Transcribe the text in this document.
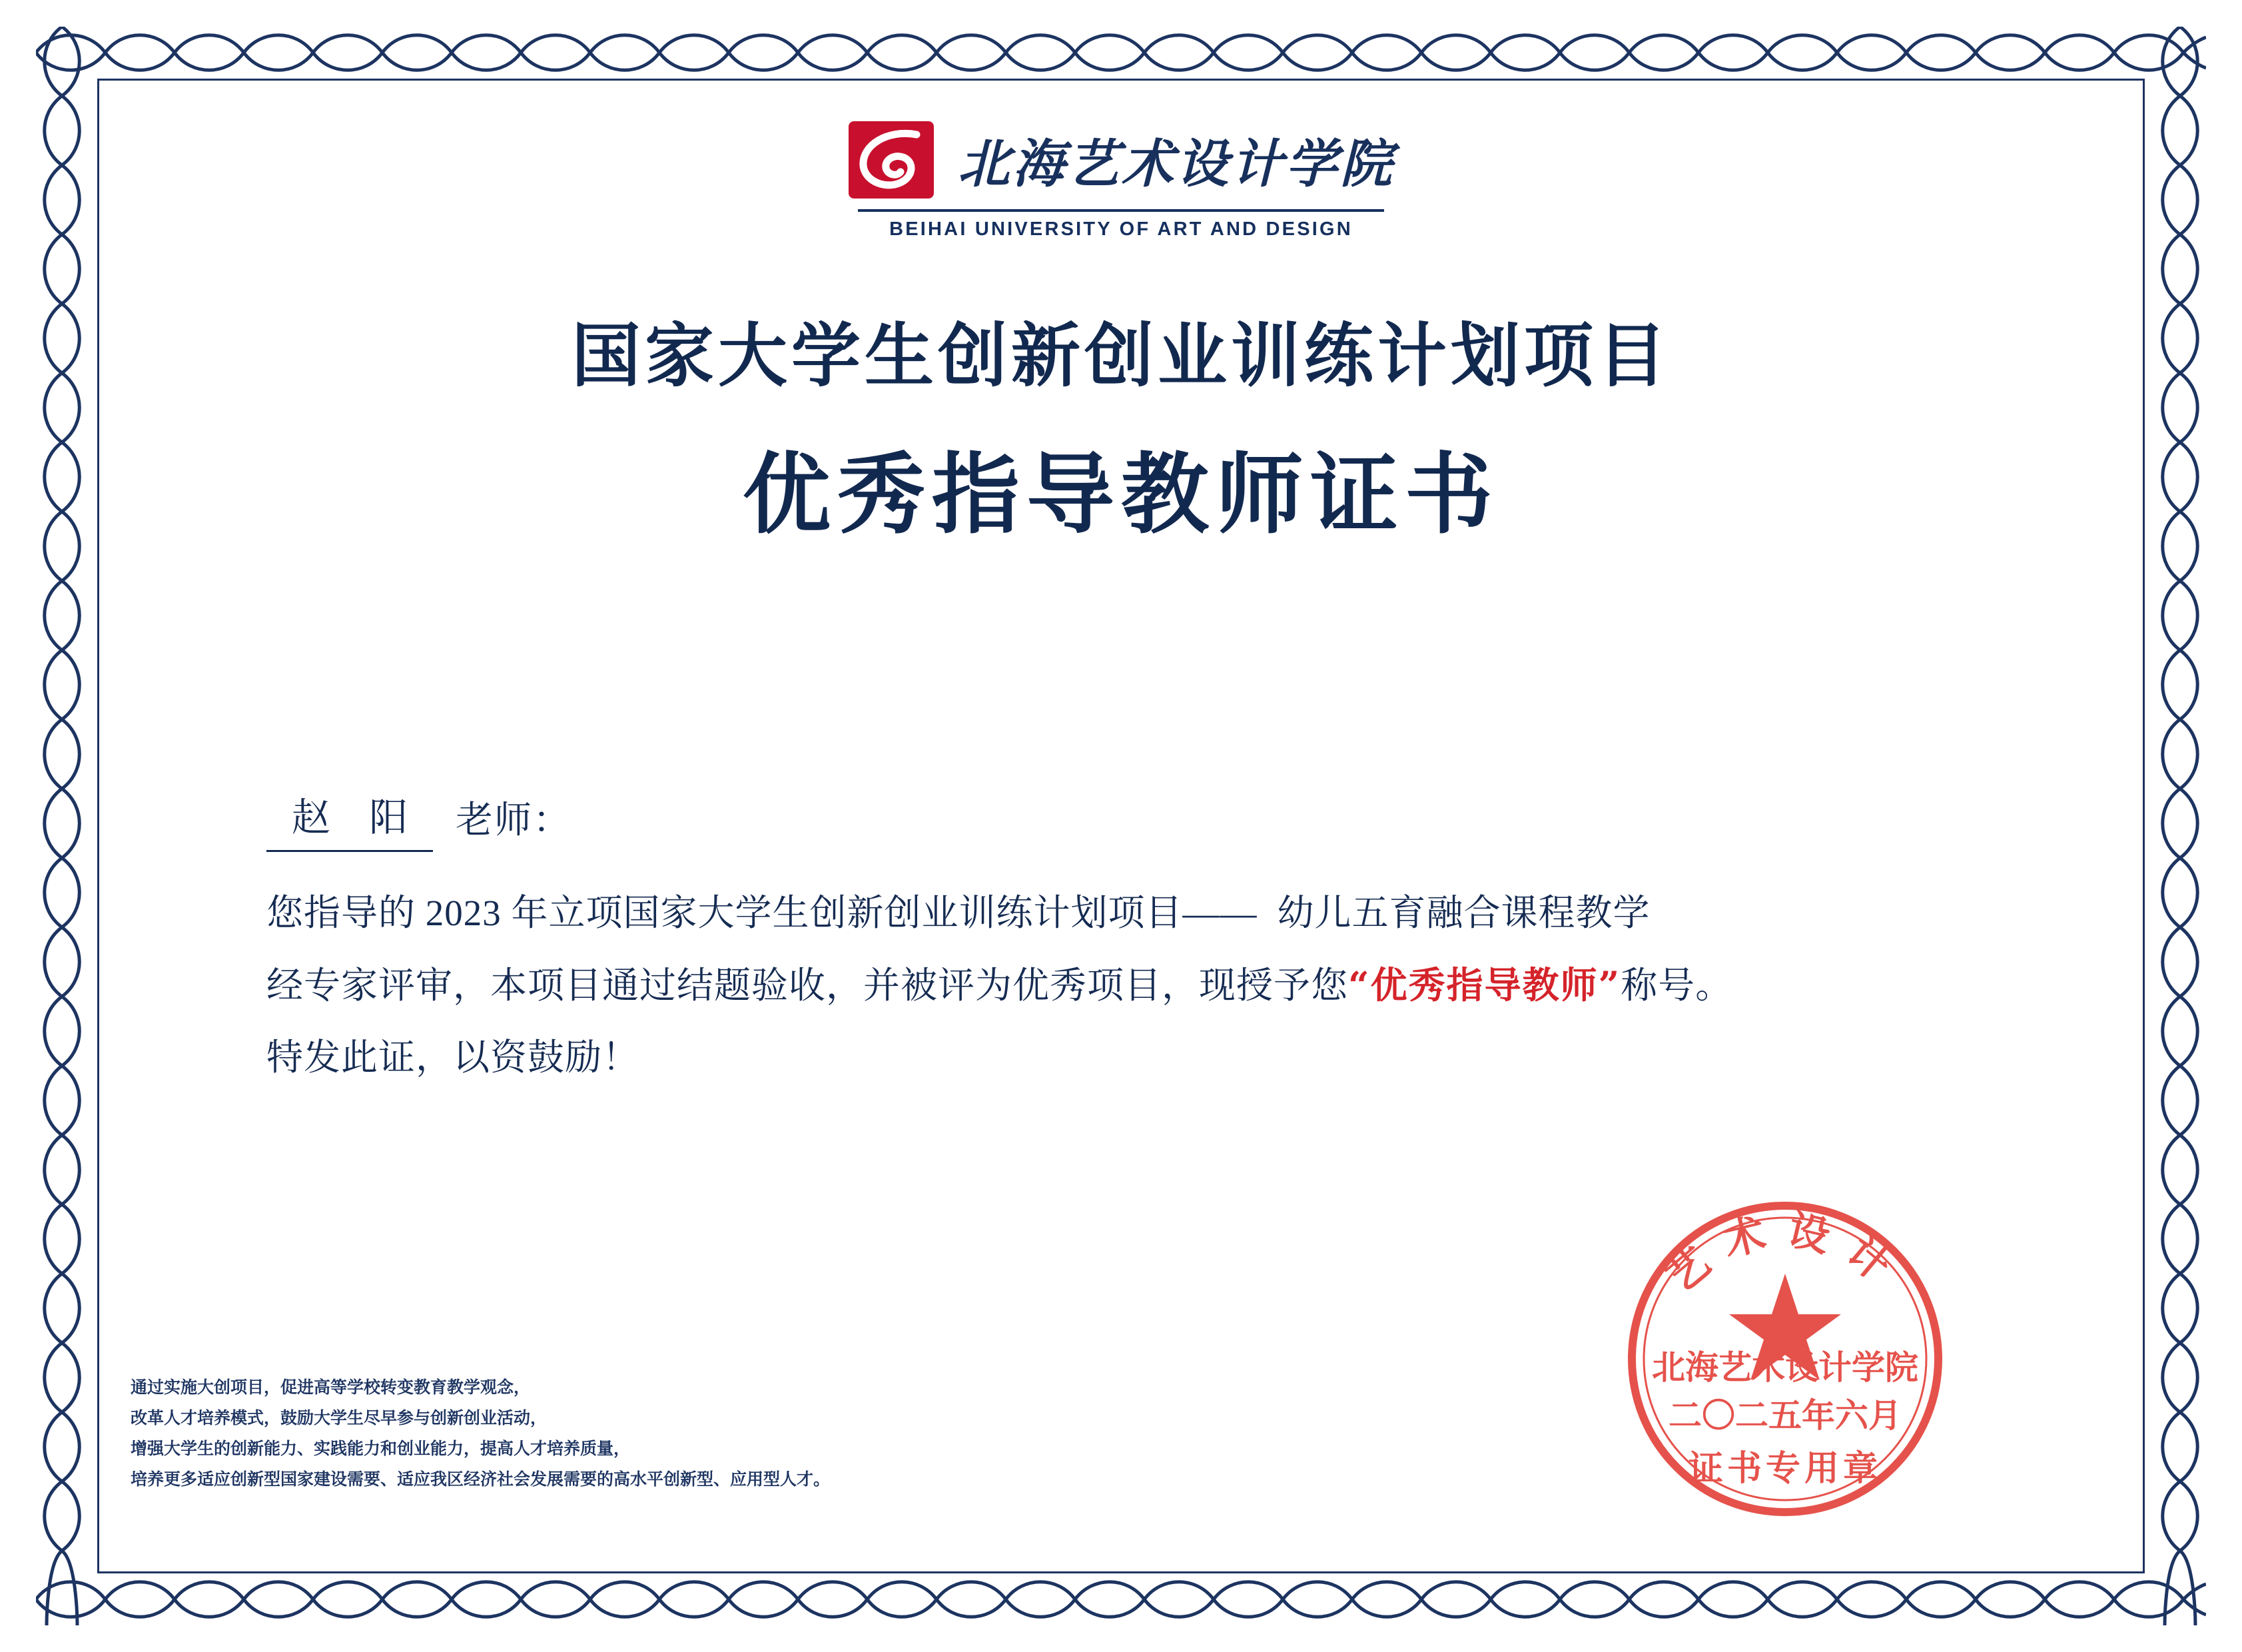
北海艺术设计学院
BEIHAI UNIVERSITY OF ART AND DESIGN
国家大学生创新创业训练计划项目
优秀指导教师证书
赵 阳 老师：
您指导的 2023 年立项国家大学生创新创业训练计划项目—— 幼儿五育融合课程教学
经专家评审，本项目通过结题验收，并被评为优秀项目，现授予您“优秀指导教师”称号。
特发此证，以资鼓励！
通过实施大创项目，促进高等学校转变教育教学观念，
改革人才培养模式，鼓励大学生尽早参与创新创业活动，
增强大学生的创新能力、实践能力和创业能力，提高人才培养质量，
培养更多适应创新型国家建设需要、适应我区经济社会发展需要的高水平创新型、应用型人才。
艺术设计
北海艺术设计学院
二〇二五年六月
证书专用章
